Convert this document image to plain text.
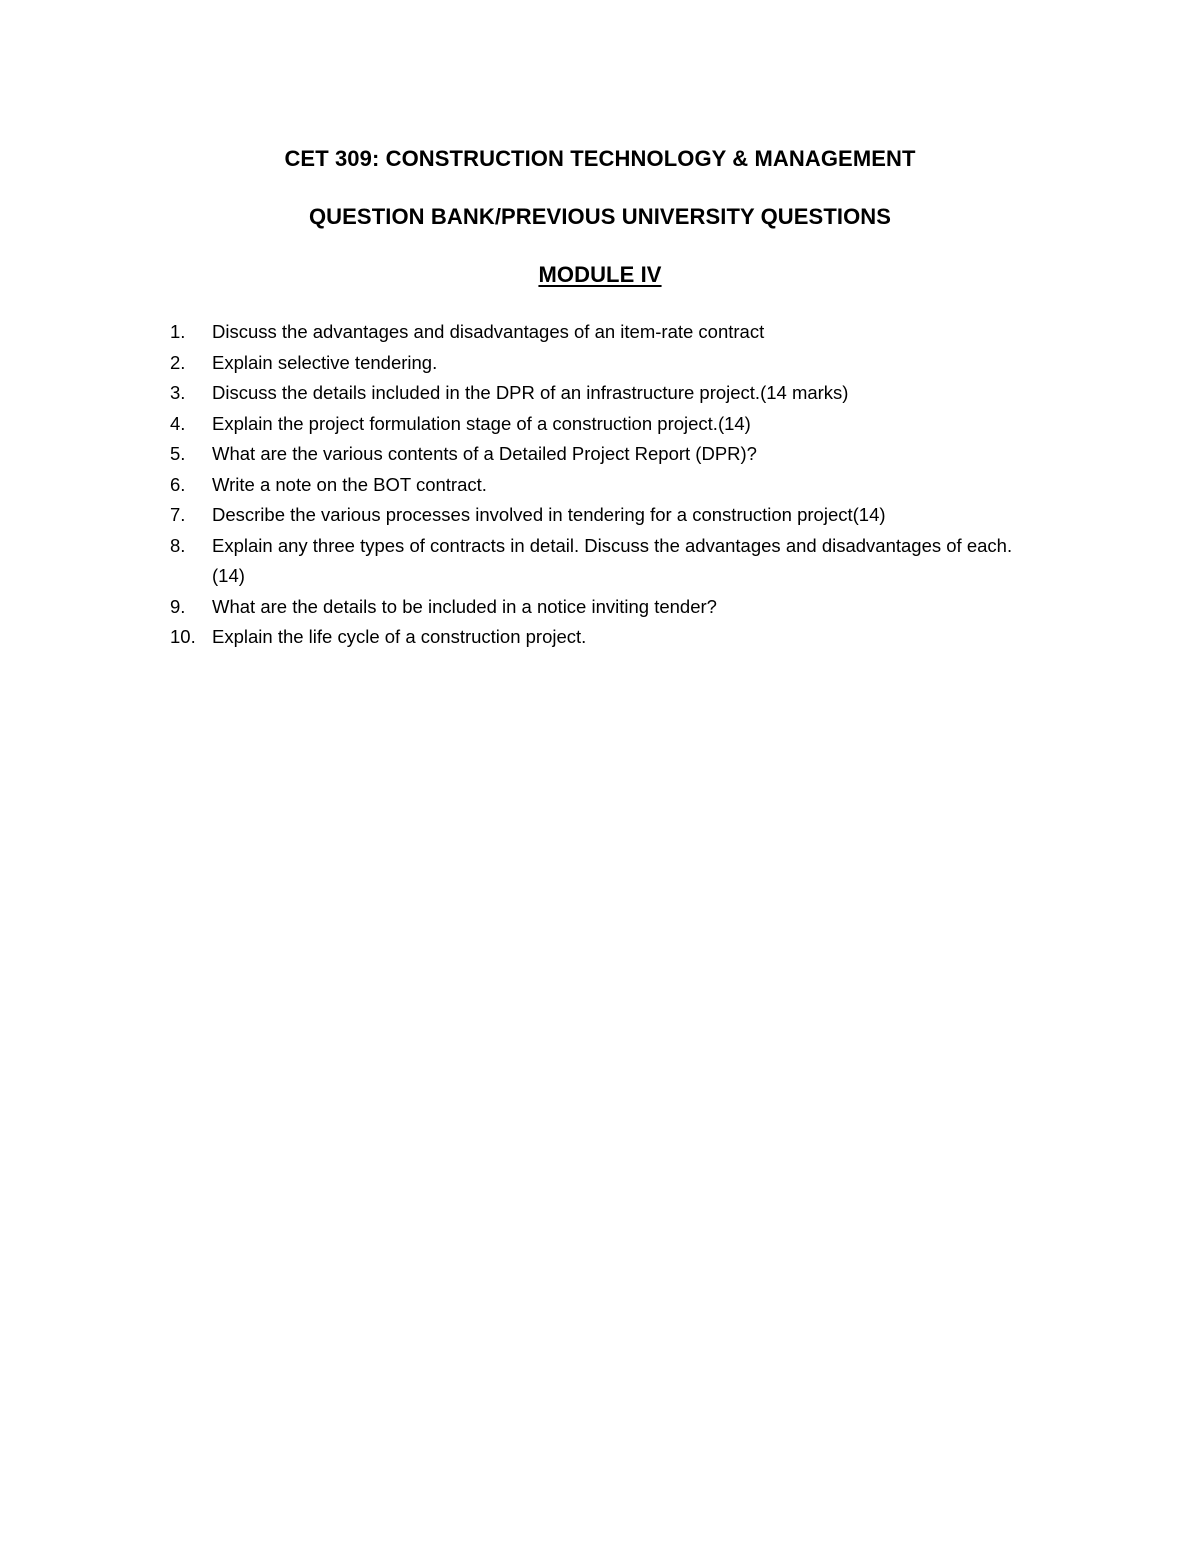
CET 309: CONSTRUCTION TECHNOLOGY & MANAGEMENT
QUESTION BANK/PREVIOUS UNIVERSITY QUESTIONS
MODULE IV
1.	Discuss the advantages and disadvantages of an item-rate contract
2.	Explain selective tendering.
3.	Discuss the details included in the DPR of an infrastructure project.(14 marks)
4.	Explain the project formulation stage of a construction project.(14)
5.	What are the various contents of a Detailed Project Report (DPR)?
6.	Write a note on the BOT contract.
7.	Describe the various processes involved in tendering for a construction project(14)
8.	Explain any three types of contracts in detail. Discuss the advantages and disadvantages of each.(14)
9.	What are the details to be included in a notice inviting tender?
10. Explain the life cycle of a construction project.
